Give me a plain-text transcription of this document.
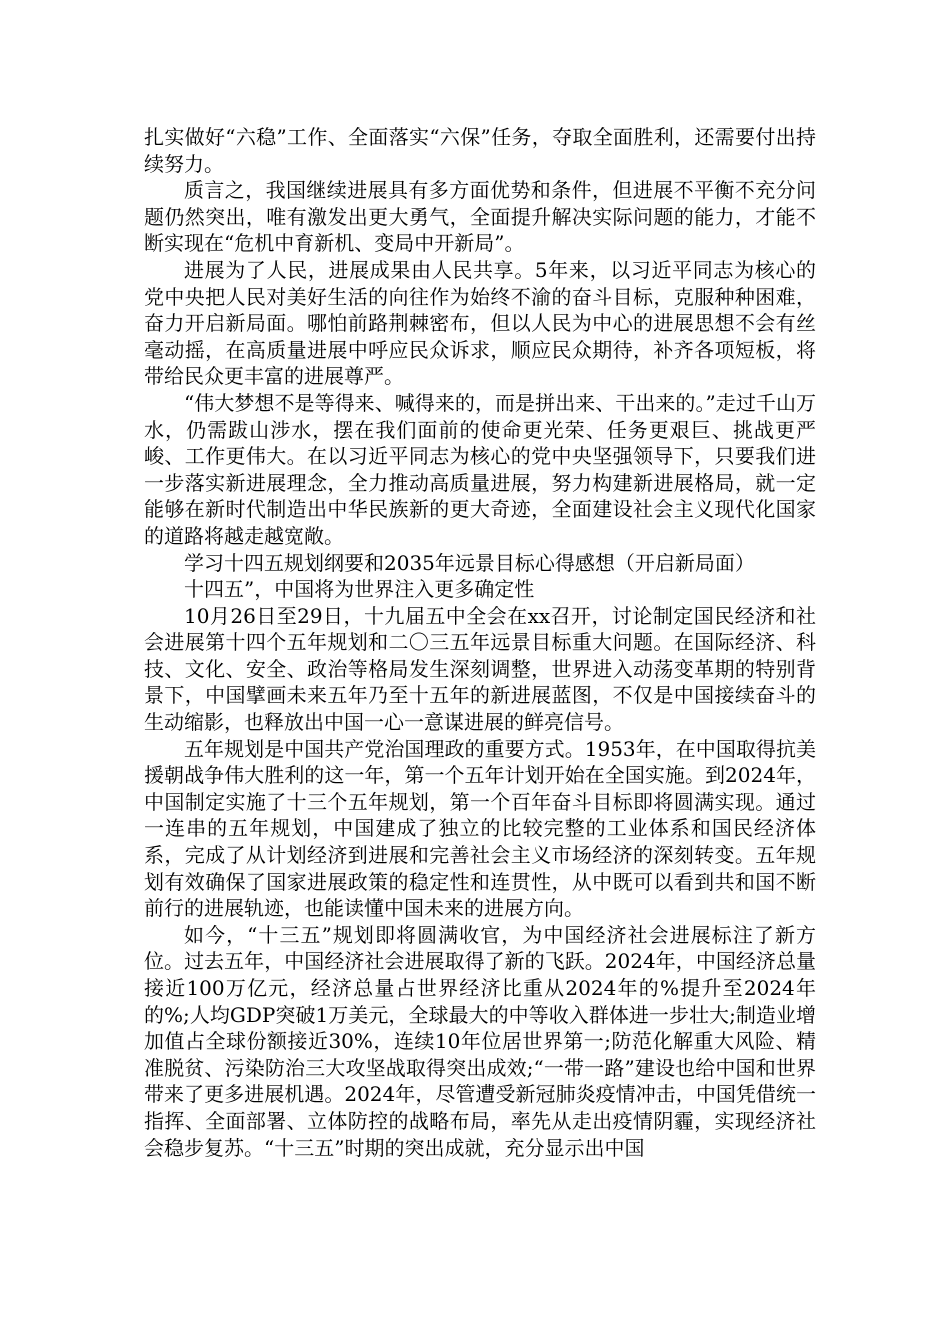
扎实做好“六稳”工作、全面落实“六保”任务，夺取全面胜利，还需要付出持续努力。

质言之，我国继续进展具有多方面优势和条件，但进展不平衡不充分问题仍然突出，唯有激发出更大勇气，全面提升解决实际问题的能力，才能不断实现在“危机中育新机、变局中开新局”。

进展为了人民，进展成果由人民共享。5年来，以习近平同志为核心的党中央把人民对美好生活的向往作为始终不渝的奋斗目标，克服种种困难，奋力开启新局面。哪怕前路荆棘密布，但以人民为中心的进展思想不会有丝毫动摇，在高质量进展中呼应民众诉求，顺应民众期待，补齐各项短板，将带给民众更丰富的进展尊严。

“伟大梦想不是等得来、喊得来的，而是拼出来、干出来的。”走过千山万水，仍需跋山涉水，摆在我们面前的使命更光荣、任务更艰巨、挑战更严峻、工作更伟大。在以习近平同志为核心的党中央坚强领导下，只要我们进一步落实新进展理念，全力推动高质量进展，努力构建新进展格局，就一定能够在新时代制造出中华民族新的更大奇迹，全面建设社会主义现代化国家的道路将越走越宽敞。

学习十四五规划纲要和2035年远景目标心得感想（开启新局面）

十四五”，中国将为世界注入更多确定性

10月26日至29日，十九届五中全会在xx召开，讨论制定国民经济和社会进展第十四个五年规划和二〇三五年远景目标重大问题。在国际经济、科技、文化、安全、政治等格局发生深刻调整，世界进入动荡变革期的特别背景下，中国擘画未来五年乃至十五年的新进展蓝图，不仅是中国接续奋斗的生动缩影，也释放出中国一心一意谋进展的鲜亮信号。

五年规划是中国共产党治国理政的重要方式。1953年，在中国取得抗美援朝战争伟大胜利的这一年，第一个五年计划开始在全国实施。到2024年，中国制定实施了十三个五年规划，第一个百年奋斗目标即将圆满实现。通过一连串的五年规划，中国建成了独立的比较完整的工业体系和国民经济体系，完成了从计划经济到进展和完善社会主义市场经济的深刻转变。五年规划有效确保了国家进展政策的稳定性和连贯性，从中既可以看到共和国不断前行的进展轨迹，也能读懂中国未来的进展方向。

如今，“十三五”规划即将圆满收官，为中国经济社会进展标注了新方位。过去五年，中国经济社会进展取得了新的飞跃。2024年，中国经济总量接近100万亿元，经济总量占世界经济比重从2024年的%提升至2024年的%;人均GDP突破1万美元，全球最大的中等收入群体进一步壮大;制造业增加值占全球份额接近30%，连续10年位居世界第一;防范化解重大风险、精准脱贫、污染防治三大攻坚战取得突出成效;“一带一路”建设也给中国和世界带来了更多进展机遇。2024年，尽管遭受新冠肺炎疫情冲击，中国凭借统一指挥、全面部署、立体防控的战略布局，率先从走出疫情阴霾，实现经济社会稳步复苏。“十三五”时期的突出成就，充分显示出中国
